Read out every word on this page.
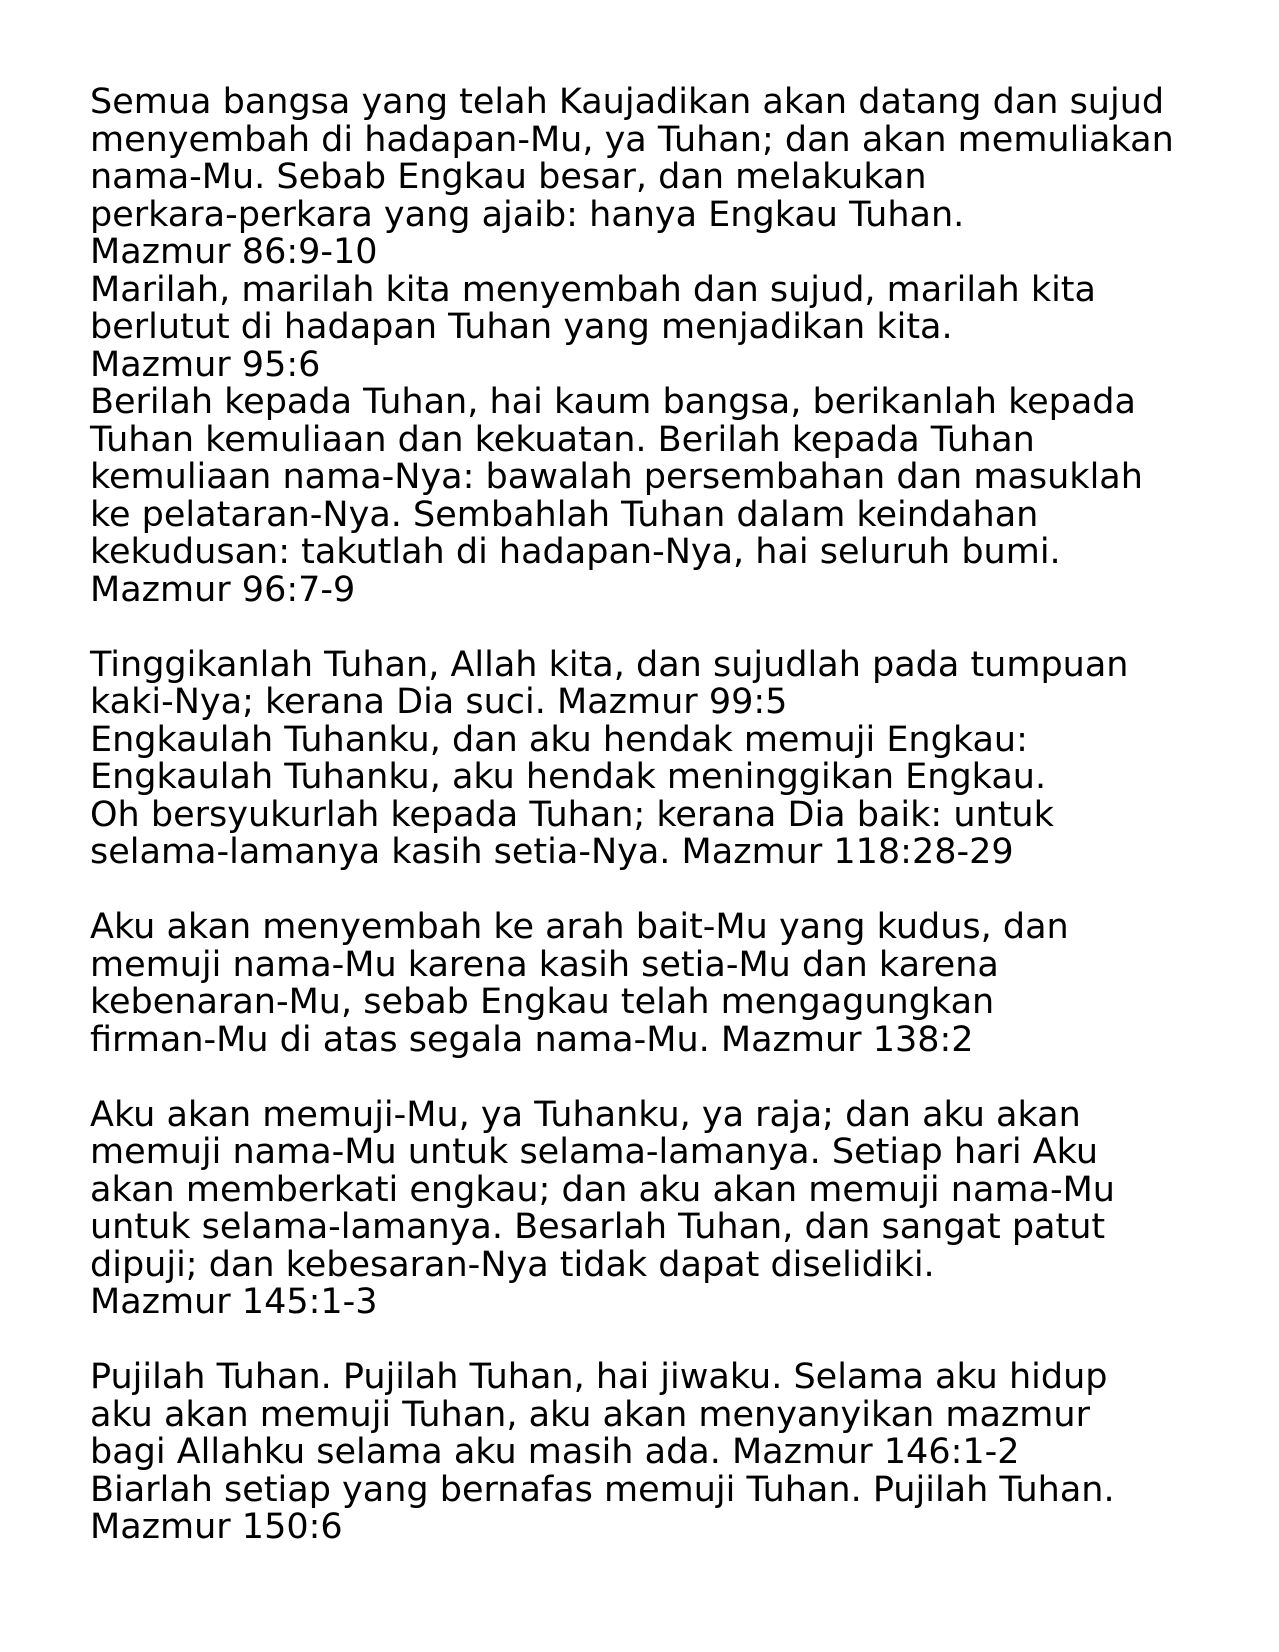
Semua bangsa yang telah Kaujadikan akan datang dan sujud
menyembah di hadapan-Mu, ya Tuhan; dan akan memuliakan
nama-Mu. Sebab Engkau besar, dan melakukan
perkara-perkara yang ajaib: hanya Engkau Tuhan.
Mazmur 86:9-10
Marilah, marilah kita menyembah dan sujud, marilah kita
berlutut di hadapan Tuhan yang menjadikan kita.
Mazmur 95:6
Berilah kepada Tuhan, hai kaum bangsa, berikanlah kepada
Tuhan kemuliaan dan kekuatan. Berilah kepada Tuhan
kemuliaan nama-Nya: bawalah persembahan dan masuklah
ke pelataran-Nya. Sembahlah Tuhan dalam keindahan
kekudusan: takutlah di hadapan-Nya, hai seluruh bumi.
Mazmur 96:7-9
Tinggikanlah Tuhan, Allah kita, dan sujudlah pada tumpuan
kaki-Nya; kerana Dia suci. Mazmur 99:5
Engkaulah Tuhanku, dan aku hendak memuji Engkau:
Engkaulah Tuhanku, aku hendak meninggikan Engkau.
Oh bersyukurlah kepada Tuhan; kerana Dia baik: untuk
selama-lamanya kasih setia-Nya. Mazmur 118:28-29
Aku akan menyembah ke arah bait-Mu yang kudus, dan
memuji nama-Mu karena kasih setia-Mu dan karena
kebenaran-Mu, sebab Engkau telah mengagungkan
firman-Mu di atas segala nama-Mu. Mazmur 138:2
Aku akan memuji-Mu, ya Tuhanku, ya raja; dan aku akan
memuji nama-Mu untuk selama-lamanya. Setiap hari Aku
akan memberkati engkau; dan aku akan memuji nama-Mu
untuk selama-lamanya. Besarlah Tuhan, dan sangat patut
dipuji; dan kebesaran-Nya tidak dapat diselidiki.
Mazmur 145:1-3
Pujilah Tuhan. Pujilah Tuhan, hai jiwaku. Selama aku hidup
aku akan memuji Tuhan, aku akan menyanyikan mazmur
bagi Allahku selama aku masih ada. Mazmur 146:1-2
Biarlah setiap yang bernafas memuji Tuhan. Pujilah Tuhan.
Mazmur 150:6
